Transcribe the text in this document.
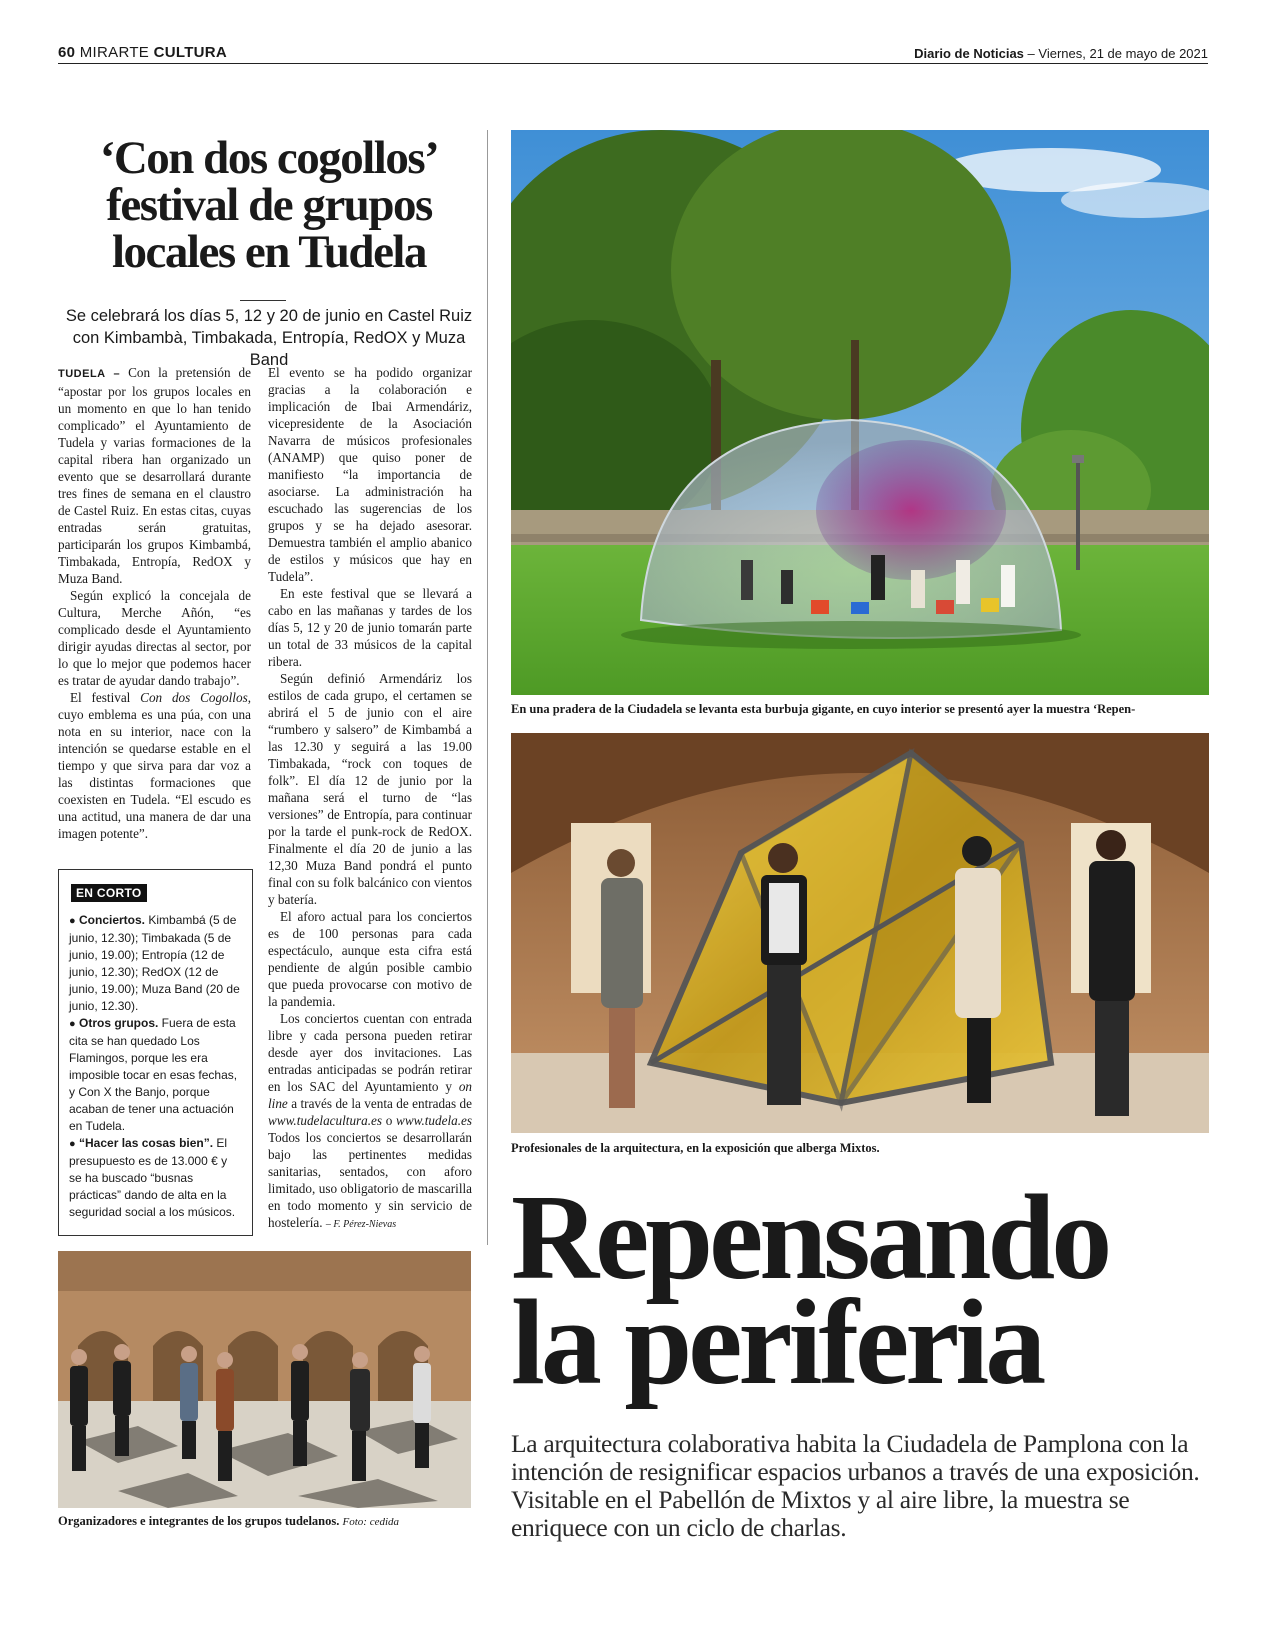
60 MIRARTE CULTURA	Diario de Noticias – Viernes, 21 de mayo de 2021
‘Con dos cogollos’ festival de grupos locales en Tudela
Se celebrará los días 5, 12 y 20 de junio en Castel Ruiz con Kimbambà, Timbakada, Entropía, RedOX y Muza Band

TUDELA – Con la pretensión de “apostar por los grupos locales en un momento en que lo han tenido complicado” el Ayuntamiento de Tudela y varias formaciones de la capital ribera han organizado un evento que se desarrollará durante tres fines de semana en el claustro de Castel Ruiz. En estas citas, cuyas entradas serán gratuitas, participarán los grupos Kimbambá, Timbakada, Entropía, RedOX y Muza Band.

Según explicó la concejala de Cultura, Merche Añón, “es complicado desde el Ayuntamiento dirigir ayudas directas al sector, por lo que lo mejor que podemos hacer es tratar de ayudar dando trabajo”.

El festival Con dos Cogollos, cuyo emblema es una púa, con una nota en su interior, nace con la intención se quedarse estable en el tiempo y que sirva para dar voz a las distintas formaciones que coexisten en Tudela. “El escudo es una actitud, una manera de dar una imagen potente”.

El evento se ha podido organizar gracias a la colaboración e implicación de Ibai Armendáriz, vicepresidente de la Asociación Navarra de músicos profesionales (ANAMP) que quiso poner de manifiesto “la importancia de asociarse. La administración ha escuchado las sugerencias de los grupos y se ha dejado asesorar. Demuestra también el amplio abanico de estilos y músicos que hay en Tudela”.

En este festival que se llevará a cabo en las mañanas y tardes de los días 5, 12 y 20 de junio tomarán parte un total de 33 músicos de la capital ribera.

Según definió Armendáriz los estilos de cada grupo, el certamen se abrirá el 5 de junio con el aire “rumbero y salsero” de Kimbambá a las 12.30 y seguirá a las 19.00 Timbakada, “rock con toques de folk”. El día 12 de junio por la mañana será el turno de “las versiones” de Entropía, para continuar por la tarde el punk-rock de RedOX. Finalmente el día 20 de junio a las 12,30 Muza Band pondrá el punto final con su folk balcánico con vientos y batería.

El aforo actual para los conciertos es de 100 personas para cada espectáculo, aunque esta cifra está pendiente de algún posible cambio que pueda provocarse con motivo de la pandemia.

Los conciertos cuentan con entrada libre y cada persona pueden retirar desde ayer dos invitaciones. Las entradas anticipadas se podrán retirar en los SAC del Ayuntamiento y on line a través de la venta de entradas de www.tudelacultura.es o www.tudela.es Todos los conciertos se desarrollarán bajo las pertinentes medidas sanitarias, sentados, con aforo limitado, uso obligatorio de mascarilla en todo momento y sin servicio de hostelería. – F. Pérez-Nievas

EN CORTO
● Conciertos. Kimbambá (5 de junio, 12.30); Timbakada (5 de junio, 19.00); Entropía (12 de junio, 12.30); RedOX (12 de junio, 19.00); Muza Band (20 de junio, 12.30).
● Otros grupos. Fuera de esta cita se han quedado Los Flamingos, porque les era imposible tocar en esas fechas, y Con X the Banjo, porque acaban de tener una actuación en Tudela.
● “Hacer las cosas bien”. El presupuesto es de 13.000 € y se ha buscado “busnas prácticas” dando de alta en la seguridad social a los músicos.
En una pradera de la Ciudadela se levanta esta burbuja gigante, en cuyo interior se presentó ayer la muestra ‘Repen-
Profesionales de la arquitectura, en la exposición que alberga Mixtos.
Organizadores e integrantes de los grupos tudelanos. Foto: cedida
Repensando
la periferia
La arquitectura colaborativa habita la Ciudadela de Pamplona con la intención de resignificar espacios urbanos a través de una exposición. Visitable en el Pabellón de Mixtos y al aire libre, la muestra se enriquece con un ciclo de charlas.
